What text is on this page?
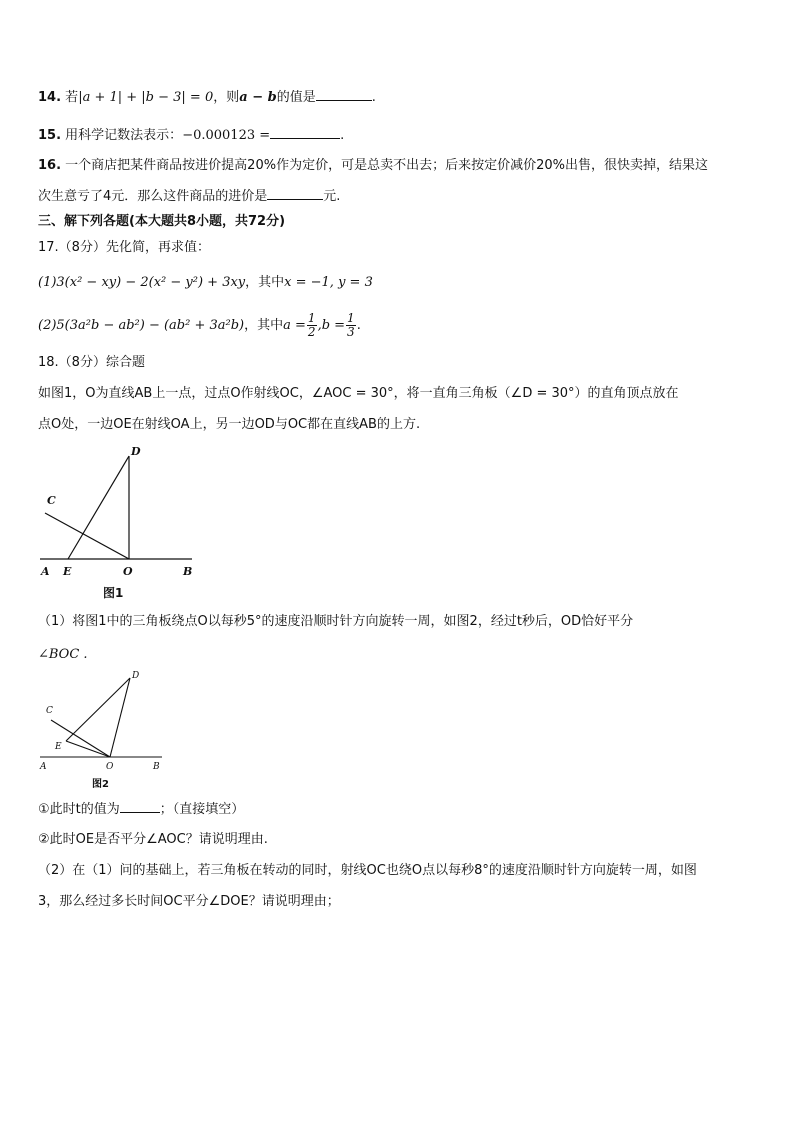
14. 若|a + 1| + |b − 3| = 0，则a − b的值是	.
15. 用科学记数法表示：−0.000123 =	.
16. 一个商店把某件商品按进价提高20%作为定价，可是总卖不出去；后来按定价减价20%出售，很快卖掉，结果这
次生意亏了4元．那么这件商品的进价是	元.
三、解下列各题(本大题共8小题，共72分)
17.（8分）先化简，再求值：
(1)3(x² − xy) − 2(x² − y²) + 3xy，其中x = −1, y = 3
(2)5(3a²b − ab²) − (ab² + 3a²b)，其中$a = \frac{1}{2} ,b = \frac{1}{3}$ .
18.（8分）综合题
如图1，O为直线AB上一点，过点O作射线OC，∠AOC = 30°，将一直角三角板（∠D = 30°）的直角顶点放在
点O处，一边OE在射线OA上，另一边OD与OC都在直线AB的上方.
D
C
A E	O	B
图1
（1）将图1中的三角板绕点O以每秒5°的速度沿顺时针方向旋转一周，如图2，经过t秒后，OD恰好平分
∠BOC .
D
C
E
A	O	B
图2
①此时t的值为	；（直接填空）
②此时OE是否平分∠AOC？请说明理由.
（2）在（1）问的基础上，若三角板在转动的同时，射线OC也绕O点以每秒8°的速度沿顺时针方向旋转一周，如图
3，那么经过多长时间OC平分∠DOE？请说明理由；
